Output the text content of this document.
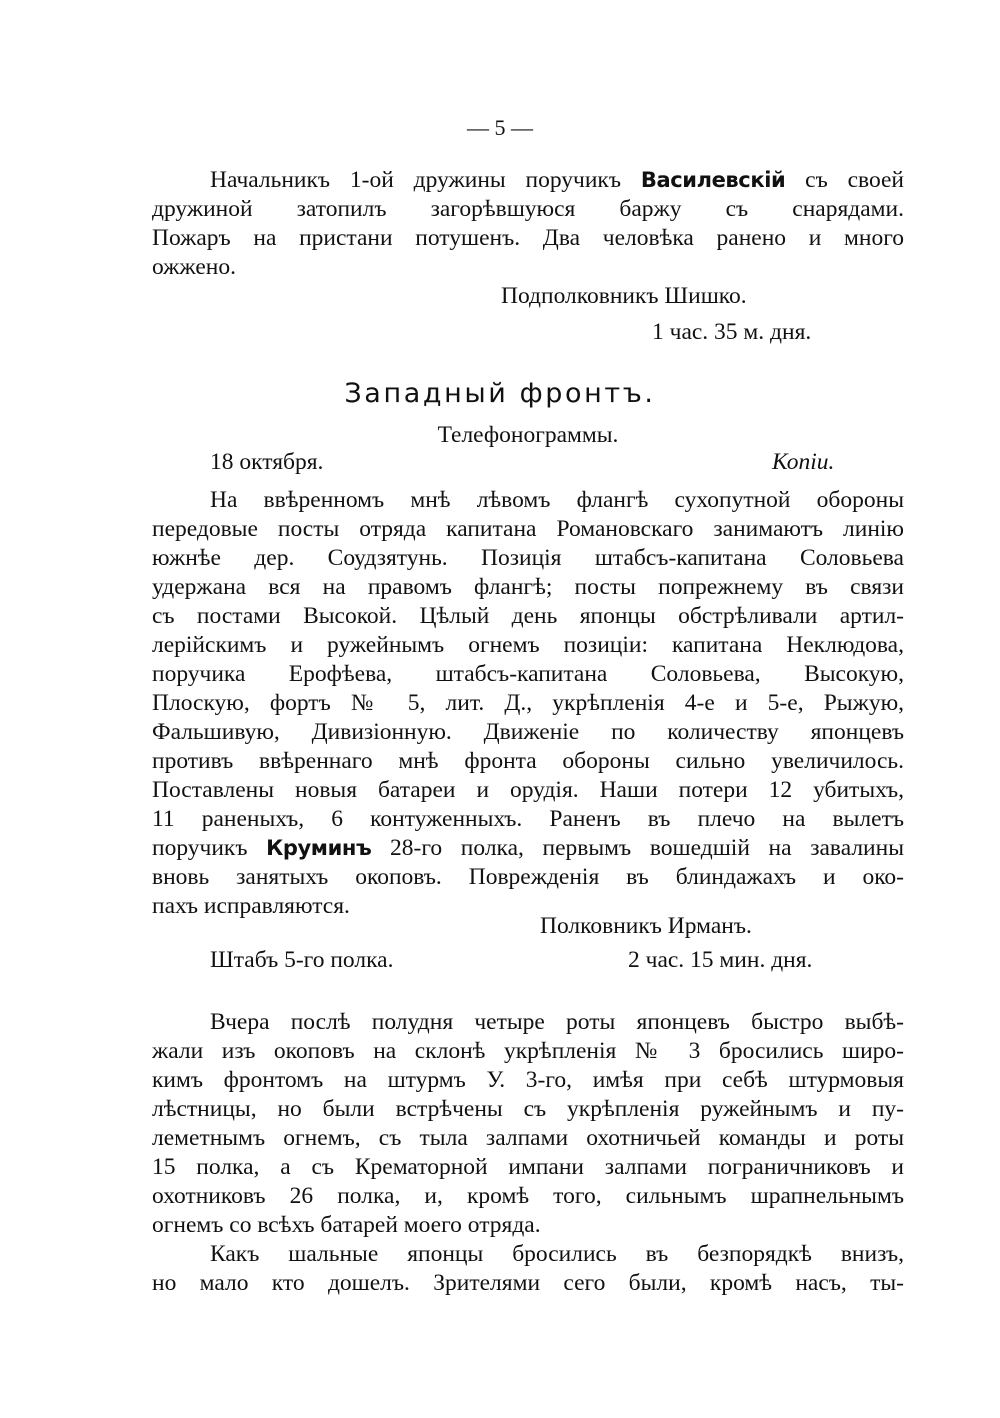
— 5 —
Начальникъ 1-ой дружины поручикъ Василевскій съ своей
дружиной затопилъ загорѣвшуюся баржу съ снарядами.
Пожаръ на пристани потушенъ. Два человѣка ранено и много
ожжено.
Подполковникъ Шишко.
1 час. 35 м. дня.
Западный фронтъ.
Телефонограммы.
18 октября.	Копіи.
На ввѣренномъ мнѣ лѣвомъ флангѣ сухопутной обороны
передовые посты отряда капитана Романовскаго занимаютъ линію
южнѣе дер. Соудзятунь. Позиція штабсъ-капитана Соловьева
удержана вся на правомъ флангѣ; посты попрежнему въ связи
съ постами Высокой. Цѣлый день японцы обстрѣливали артил-
лерійскимъ и ружейнымъ огнемъ позиціи: капитана Неклюдова,
поручика Ерофѣева, штабсъ-капитана Соловьева, Высокую,
Плоскую, фортъ № 5, лит. Д., укрѣпленія 4-е и 5-е, Рыжую,
Фальшивую, Дивизіонную. Движеніе по количеству японцевъ
противъ ввѣреннаго мнѣ фронта обороны сильно увеличилось.
Поставлены новыя батареи и орудія. Наши потери 12 убитыхъ,
11 раненыхъ, 6 контуженныхъ. Раненъ въ плечо на вылетъ
поручикъ Круминъ 28-го полка, первымъ вошедшій на завалины
вновь занятыхъ окоповъ. Поврежденія въ блиндажахъ и око-
пахъ исправляются.
Полковникъ Ирманъ.
Штабъ 5-го полка.	2 час. 15 мин. дня.
Вчера послѣ полудня четыре роты японцевъ быстро выбѣ-
жали изъ окоповъ на склонѣ укрѣпленія № 3 бросились широ-
кимъ фронтомъ на штурмъ У. 3-го, имѣя при себѣ штурмовыя
лѣстницы, но были встрѣчены съ укрѣпленія ружейнымъ и пу-
леметнымъ огнемъ, съ тыла залпами охотничьей команды и роты
15 полка, а съ Крематорной импани залпами пограничниковъ и
охотниковъ 26 полка, и, кромѣ того, сильнымъ шрапнельнымъ
огнемъ со всѣхъ батарей моего отряда.
Какъ шальные японцы бросились въ безпорядкѣ внизъ,
но мало кто дошелъ. Зрителями сего были, кромѣ насъ, ты-
